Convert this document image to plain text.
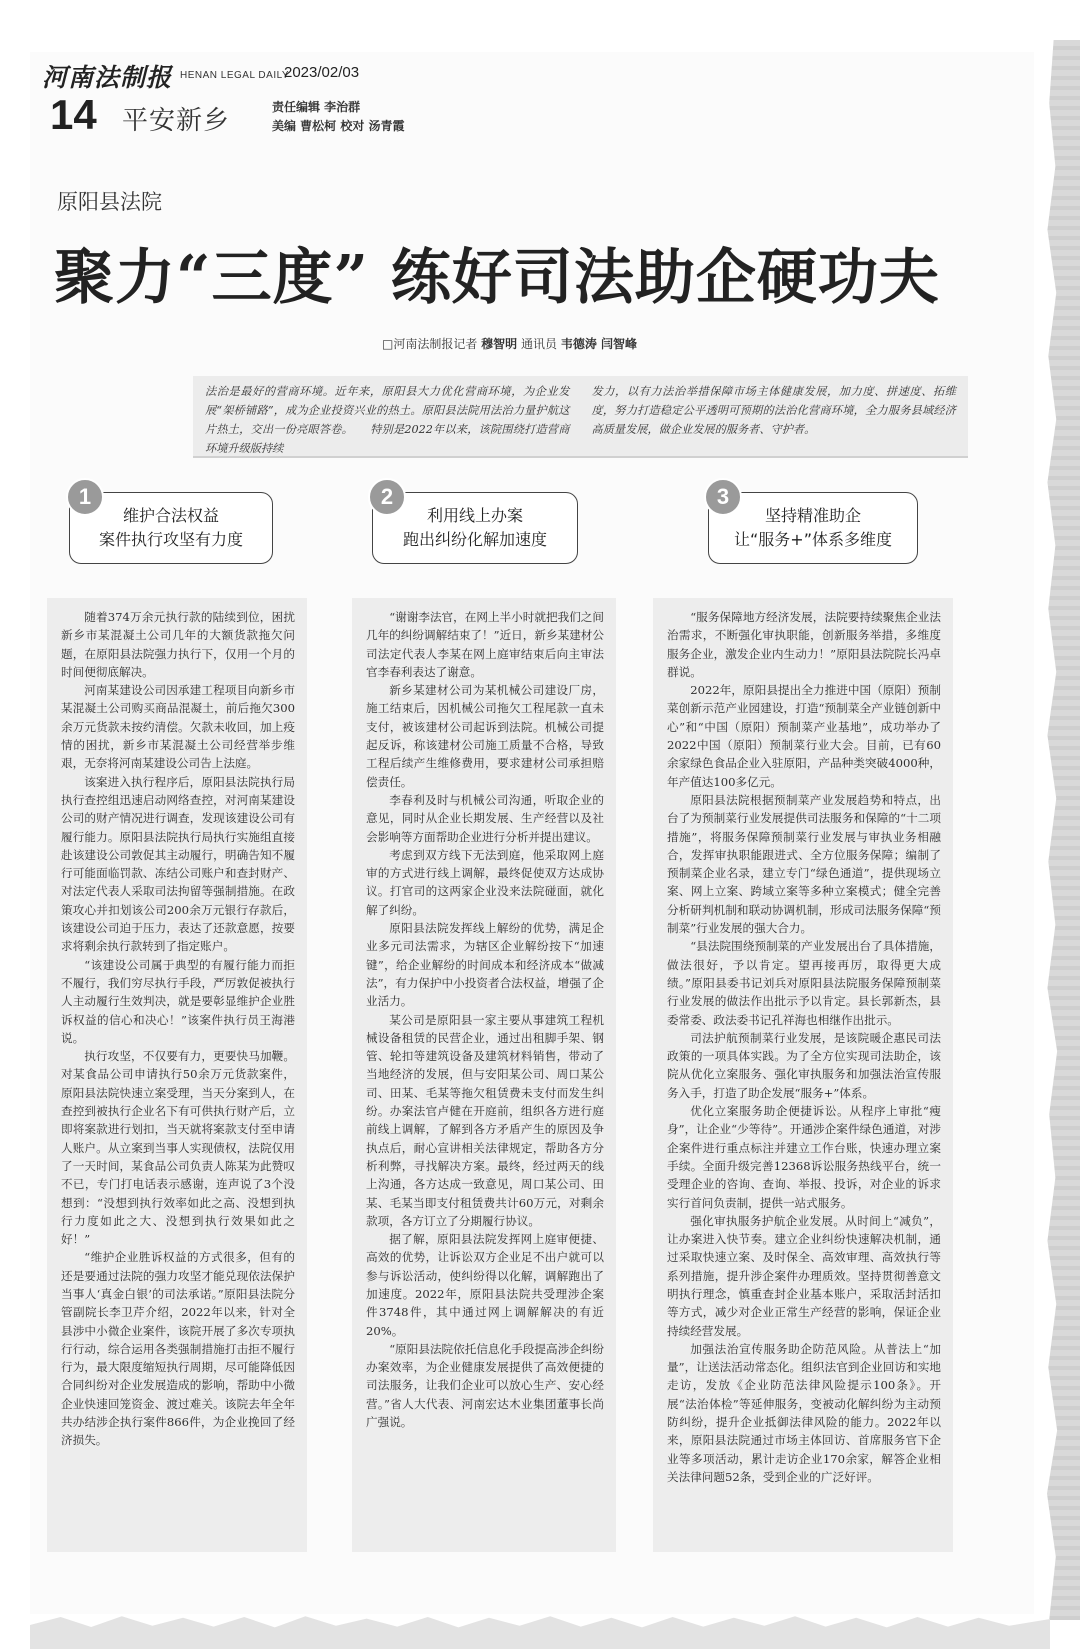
河南法制报 HENAN LEGAL DAILY
2023/02/03
14 平安新乡	责任编辑 李治群
美编 曹松柯 校对 汤青霞
原阳县法院
聚力“三度” 练好司法助企硬功夫
□河南法制报记者 穆智明 通讯员 韦德涛 闫智峰
法治是最好的营商环境。近年来，原阳县大力优化营商环境，为企业发展“架桥铺路”，成为企业投资兴业的热土。原阳县法院用法治力量护航这片热土，交出一份亮眼答卷。　　特别是2022年以来，该院围绕打造营商环境升级版持续
发力，以有力法治举措保障市场主体健康发展，加力度、拼速度、拓维度，努力打造稳定公平透明可预期的法治化营商环境，全力服务县域经济高质量发展，做企业发展的服务者、守护者。
维护合法权益
案件执行攻坚有力度
1

随着374万余元执行款的陆续到位，困扰新乡市某混凝土公司几年的大额货款拖欠问题，在原阳县法院强力执行下，仅用一个月的时间便彻底解决。

河南某建设公司因承建工程项目向新乡市某混凝土公司购买商品混凝土，前后拖欠300余万元货款未按约清偿。欠款未收回，加上疫情的困扰，新乡市某混凝土公司经营举步维艰，无奈将河南某建设公司告上法庭。

该案进入执行程序后，原阳县法院执行局执行查控组迅速启动网络查控，对河南某建设公司的财产情况进行调查，发现该建设公司有履行能力。原阳县法院执行局执行实施组直接赴该建设公司敦促其主动履行，明确告知不履行可能面临罚款、冻结公司账户和查封财产、对法定代表人采取司法拘留等强制措施。在政策攻心并扣划该公司200余万元银行存款后，该建设公司迫于压力，表达了还款意愿，按要求将剩余执行款转到了指定账户。

“该建设公司属于典型的有履行能力而拒不履行，我们穷尽执行手段，严厉敦促被执行人主动履行生效判决，就是要彰显维护企业胜诉权益的信心和决心！”该案件执行员王海港说。

执行攻坚，不仅要有力，更要快马加鞭。对某食品公司申请执行50余万元货款案件，原阳县法院快速立案受理，当天分案到人，在查控到被执行企业名下有可供执行财产后，立即将案款进行划扣，当天就将案款支付至申请人账户。从立案到当事人实现债权，法院仅用了一天时间，某食品公司负责人陈某为此赞叹不已，专门打电话表示感谢，连声说了3个没想到：“没想到执行效率如此之高、没想到执行力度如此之大、没想到执行效果如此之好！”

“维护企业胜诉权益的方式很多，但有的还是要通过法院的强力攻坚才能兑现依法保护当事人‘真金白银’的司法承诺。”原阳县法院分管副院长李卫芹介绍，2022年以来，针对全县涉中小微企业案件，该院开展了多次专项执行行动，综合运用各类强制措施打击拒不履行行为，最大限度缩短执行周期，尽可能降低因合同纠纷对企业发展造成的影响，帮助中小微企业快速回笼资金、渡过难关。该院去年全年共办结涉企执行案件866件，为企业挽回了经济损失。

利用线上办案
跑出纠纷化解加速度
2

“谢谢李法官，在网上半小时就把我们之间几年的纠纷调解结束了！”近日，新乡某建材公司法定代表人李某在网上庭审结束后向主审法官李春利表达了谢意。

新乡某建材公司为某机械公司建设厂房，施工结束后，因机械公司拖欠工程尾款一直未支付，被该建材公司起诉到法院。机械公司提起反诉，称该建材公司施工质量不合格，导致工程后续产生维修费用，要求建材公司承担赔偿责任。

李春利及时与机械公司沟通，听取企业的意见，同时从企业长期发展、生产经营以及社会影响等方面帮助企业进行分析并提出建议。

考虑到双方线下无法到庭，他采取网上庭审的方式进行线上调解，最终促使双方达成协议。打官司的这两家企业没来法院碰面，就化解了纠纷。

原阳县法院发挥线上解纷的优势，满足企业多元司法需求，为辖区企业解纷按下“加速键”，给企业解纷的时间成本和经济成本“做减法”，有力保护中小投资者合法权益，增强了企业活力。

某公司是原阳县一家主要从事建筑工程机械设备租赁的民营企业，通过出租脚手架、钢管、轮扣等建筑设备及建筑材料销售，带动了当地经济的发展，但与安阳某公司、周口某公司、田某、毛某等拖欠租赁费未支付而发生纠纷。办案法官卢健在开庭前，组织各方进行庭前线上调解，了解到各方矛盾产生的原因及争执点后，耐心宣讲相关法律规定，帮助各方分析利弊，寻找解决方案。最终，经过两天的线上沟通，各方达成一致意见，周口某公司、田某、毛某当即支付租赁费共计60万元，对剩余款项，各方订立了分期履行协议。

据了解，原阳县法院发挥网上庭审便捷、高效的优势，让诉讼双方企业足不出户就可以参与诉讼活动，使纠纷得以化解，调解跑出了加速度。2022年，原阳县法院共受理涉企案件3748件，其中通过网上调解解决的有近20%。

“原阳县法院依托信息化手段提高涉企纠纷办案效率，为企业健康发展提供了高效便捷的司法服务，让我们企业可以放心生产、安心经营。”省人大代表、河南宏达木业集团董事长尚广强说。

坚持精准助企
让“服务+”体系多维度
3

“服务保障地方经济发展，法院要持续聚焦企业法治需求，不断强化审执职能，创新服务举措，多维度服务企业，激发企业内生动力！”原阳县法院院长冯卓群说。

2022年，原阳县提出全力推进中国（原阳）预制菜创新示范产业园建设，打造“预制菜全产业链创新中心”和“中国（原阳）预制菜产业基地”，成功举办了2022中国（原阳）预制菜行业大会。目前，已有60余家绿色食品企业入驻原阳，产品种类突破4000种，年产值达100多亿元。

原阳县法院根据预制菜产业发展趋势和特点，出台了为预制菜行业发展提供司法服务和保障的“十二项措施”，将服务保障预制菜行业发展与审执业务相融合，发挥审执职能跟进式、全方位服务保障；编制了预制菜企业名录，建立专门“绿色通道”，提供现场立案、网上立案、跨域立案等多种立案模式；健全完善分析研判机制和联动协调机制，形成司法服务保障“预制菜”行业发展的强大合力。

“县法院围绕预制菜的产业发展出台了具体措施，做法很好，予以肯定。望再接再厉，取得更大成绩。”原阳县委书记刘兵对原阳县法院服务保障预制菜行业发展的做法作出批示予以肯定。县长郭新杰，县委常委、政法委书记孔祥海也相继作出批示。

司法护航预制菜行业发展，是该院暖企惠民司法政策的一项具体实践。为了全方位实现司法助企，该院从优化立案服务、强化审执服务和加强法治宣传服务入手，打造了助企发展“服务+”体系。

优化立案服务助企便捷诉讼。从程序上审批“瘦身”，让企业“少等待”。开通涉企案件绿色通道，对涉企案件进行重点标注并建立工作台账，快速办理立案手续。全面升级完善12368诉讼服务热线平台，统一受理企业的咨询、查询、举报、投诉，对企业的诉求实行首问负责制，提供一站式服务。

强化审执服务护航企业发展。从时间上“减负”，让办案进入快节奏。建立企业纠纷快速解决机制，通过采取快速立案、及时保全、高效审理、高效执行等系列措施，提升涉企案件办理质效。坚持贯彻善意文明执行理念，慎重查封企业基本账户，采取活封活扣等方式，减少对企业正常生产经营的影响，保证企业持续经营发展。

加强法治宣传服务助企防范风险。从普法上“加量”，让送法活动常态化。组织法官到企业回访和实地走访，发放《企业防范法律风险提示100条》。开展“法治体检”等延伸服务，变被动化解纠纷为主动预防纠纷，提升企业抵御法律风险的能力。2022年以来，原阳县法院通过市场主体回访、首席服务官下企业等多项活动，累计走访企业170余家，解答企业相关法律问题52条，受到企业的广泛好评。
